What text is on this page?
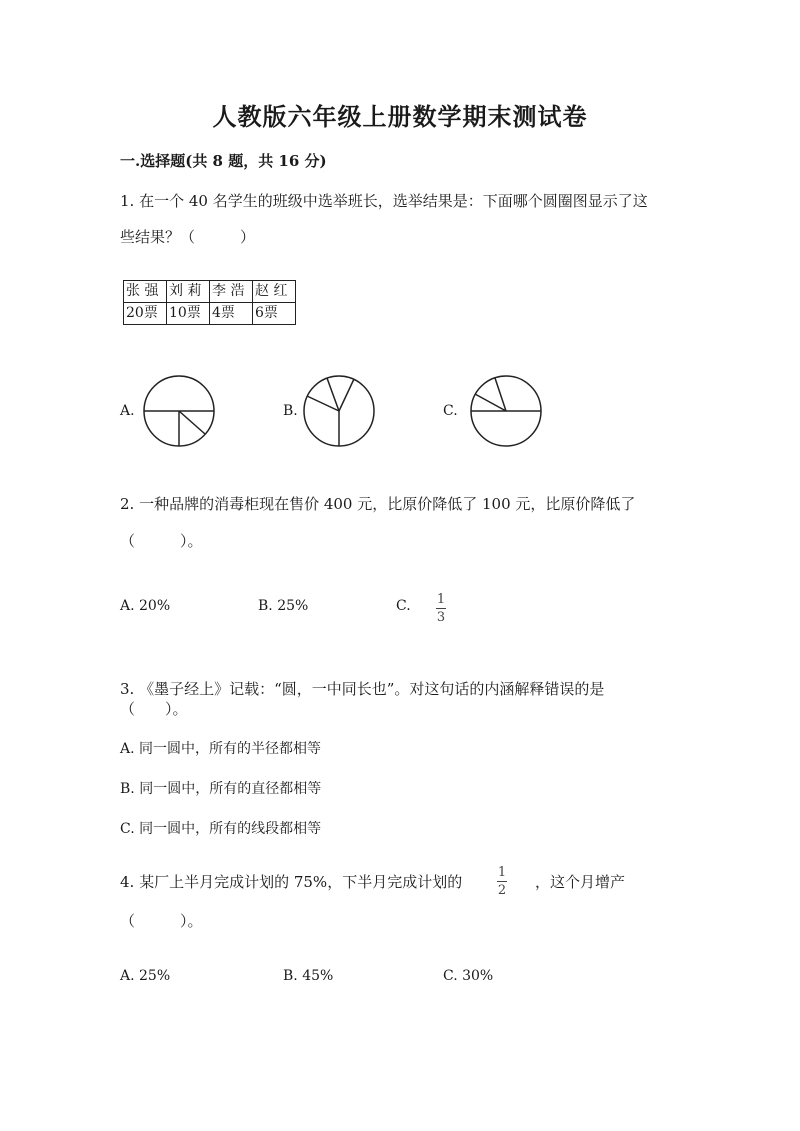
人教版六年级上册数学期末测试卷
一.选择题(共 8 题，共 16 分)
1. 在一个 40 名学生的班级中选举班长，选举结果是：下面哪个圆圈图显示了这
些结果？（　　　）
张 强	刘 莉	李 浩	赵 红
20票	10票	4票	6票
A.	B.	C.
2. 一种品牌的消毒柜现在售价 400 元，比原价降低了 100 元，比原价降低了
（　　　）。
A. 20%	B. 25%	C. 1
3
3. 《墨子经上》记载：“圆，一中同长也”。对这句话的内涵解释错误的是
（　　）。
A. 同一圆中，所有的半径都相等
B. 同一圆中，所有的直径都相等
C. 同一圆中，所有的线段都相等
4. 某厂上半月完成计划的 75%，下半月完成计划的
1
2 ，这个月增产
（　　　）。
A. 25%	B. 45%	C. 30%
